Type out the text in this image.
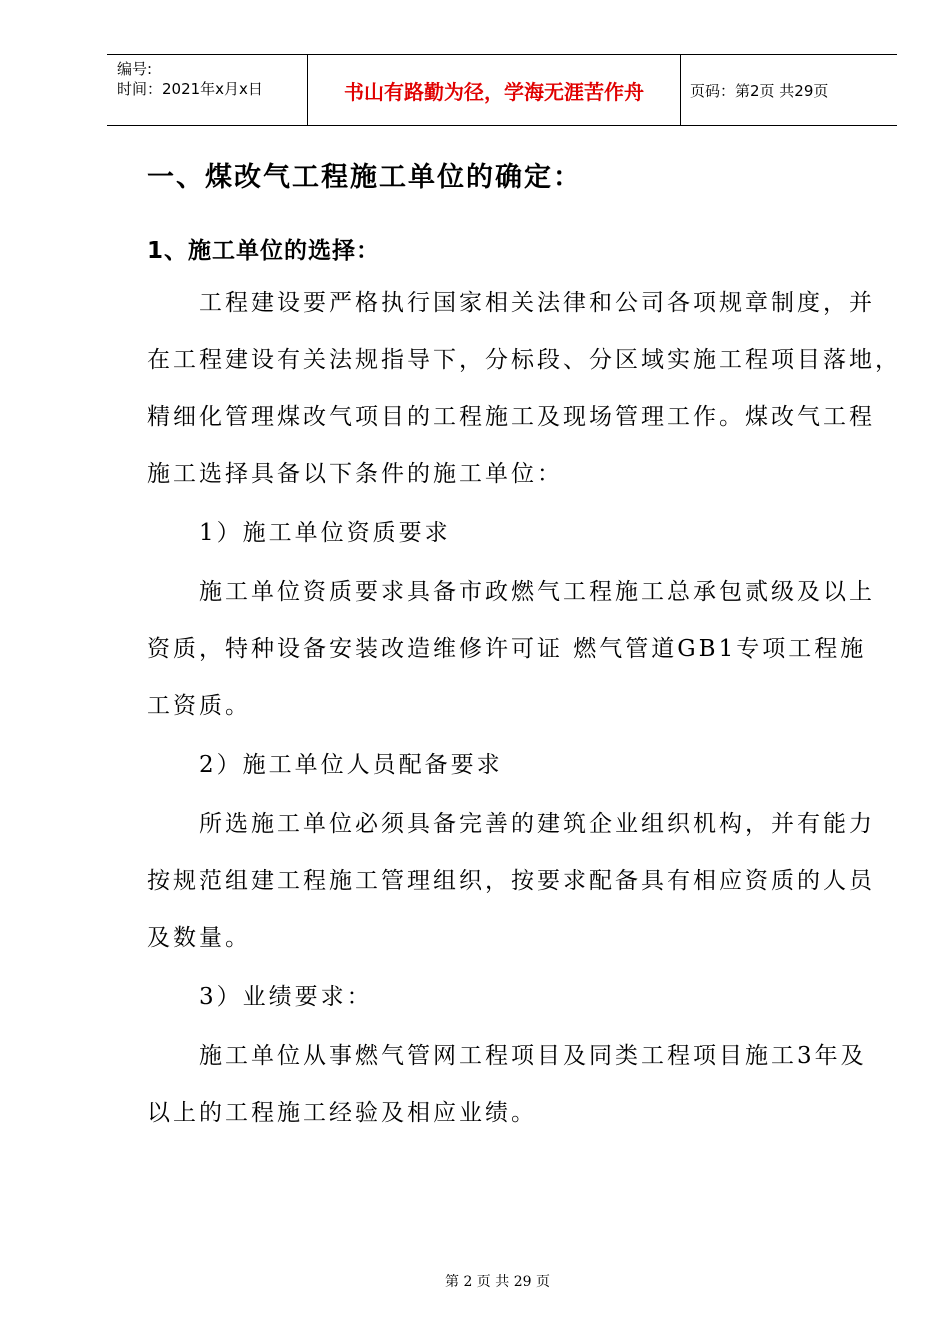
编号:
时间：2021年x月x日	书山有路勤为径，学海无涯苦作舟	页码：第2页 共29页
一、煤改气工程施工单位的确定：
1、施工单位的选择：
工程建设要严格执行国家相关法律和公司各项规章制度，并
在工程建设有关法规指导下，分标段、分区域实施工程项目落地，
精细化管理煤改气项目的工程施工及现场管理工作。煤改气工程
施工选择具备以下条件的施工单位：
1）施工单位资质要求
施工单位资质要求具备市政燃气工程施工总承包贰级及以上
资质，特种设备安装改造维修许可证 燃气管道GB1专项工程施
工资质。
2）施工单位人员配备要求
所选施工单位必须具备完善的建筑企业组织机构，并有能力
按规范组建工程施工管理组织，按要求配备具有相应资质的人员
及数量。
3）业绩要求：
施工单位从事燃气管网工程项目及同类工程项目施工3年及
以上的工程施工经验及相应业绩。
第 2 页 共 29 页
